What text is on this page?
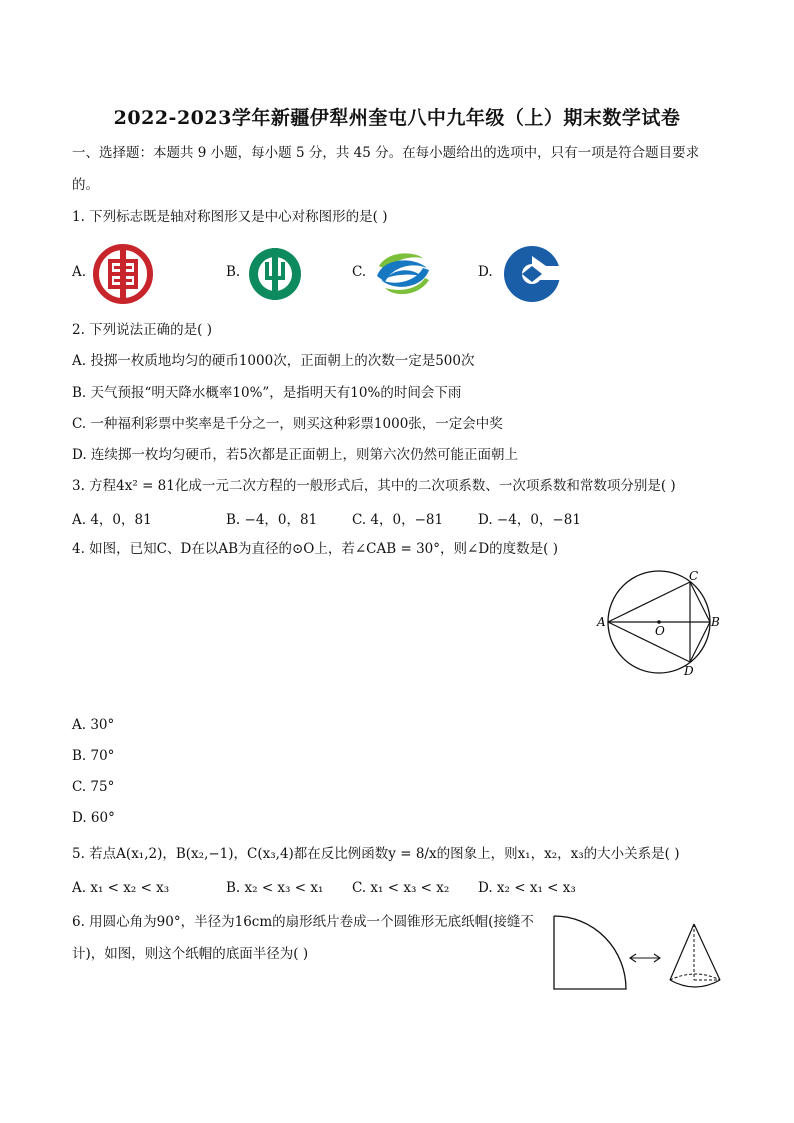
2022-2023学年新疆伊犁州奎屯八中九年级（上）期末数学试卷
一、选择题：本题共 9 小题，每小题 5 分，共 45 分。在每小题给出的选项中，只有一项是符合题目要求
的。
1. 下列标志既是轴对称图形又是中心对称图形的是( )
A.	B.	C.	D.
2. 下列说法正确的是( )
A. 投掷一枚质地均匀的硬币1000次，正面朝上的次数一定是500次
B. 天气预报“明天降水概率10%”，是指明天有10%的时间会下雨
C. 一种福利彩票中奖率是千分之一，则买这种彩票1000张，一定会中奖
D. 连续掷一枚均匀硬币，若5次都是正面朝上，则第六次仍然可能正面朝上
3. 方程4x² = 81化成一元二次方程的一般形式后，其中的二次项系数、一次项系数和常数项分别是( )
A. 4，0，81	B. −4，0，81	C. 4，0，−81	D. −4，0，−81
4. 如图，已知C、D在以AB为直径的⊙O上，若∠CAB = 30°，则∠D的度数是( )
A	B
C
D
O
A. 30°
B. 70°
C. 75°
D. 60°
5. 若点A(x₁,2)，B(x₂,−1)，C(x₃,4)都在反比例函数y = 8/x的图象上，则x₁，x₂，x₃的大小关系是( )
A. x₁ < x₂ < x₃	B. x₂ < x₃ < x₁ C. x₁ < x₃ < x₂ D. x₂ < x₁ < x₃
6. 用圆心角为90°，半径为16cm的扇形纸片卷成一个圆锥形无底纸帽(接缝不
计)，如图，则这个纸帽的底面半径为( )
